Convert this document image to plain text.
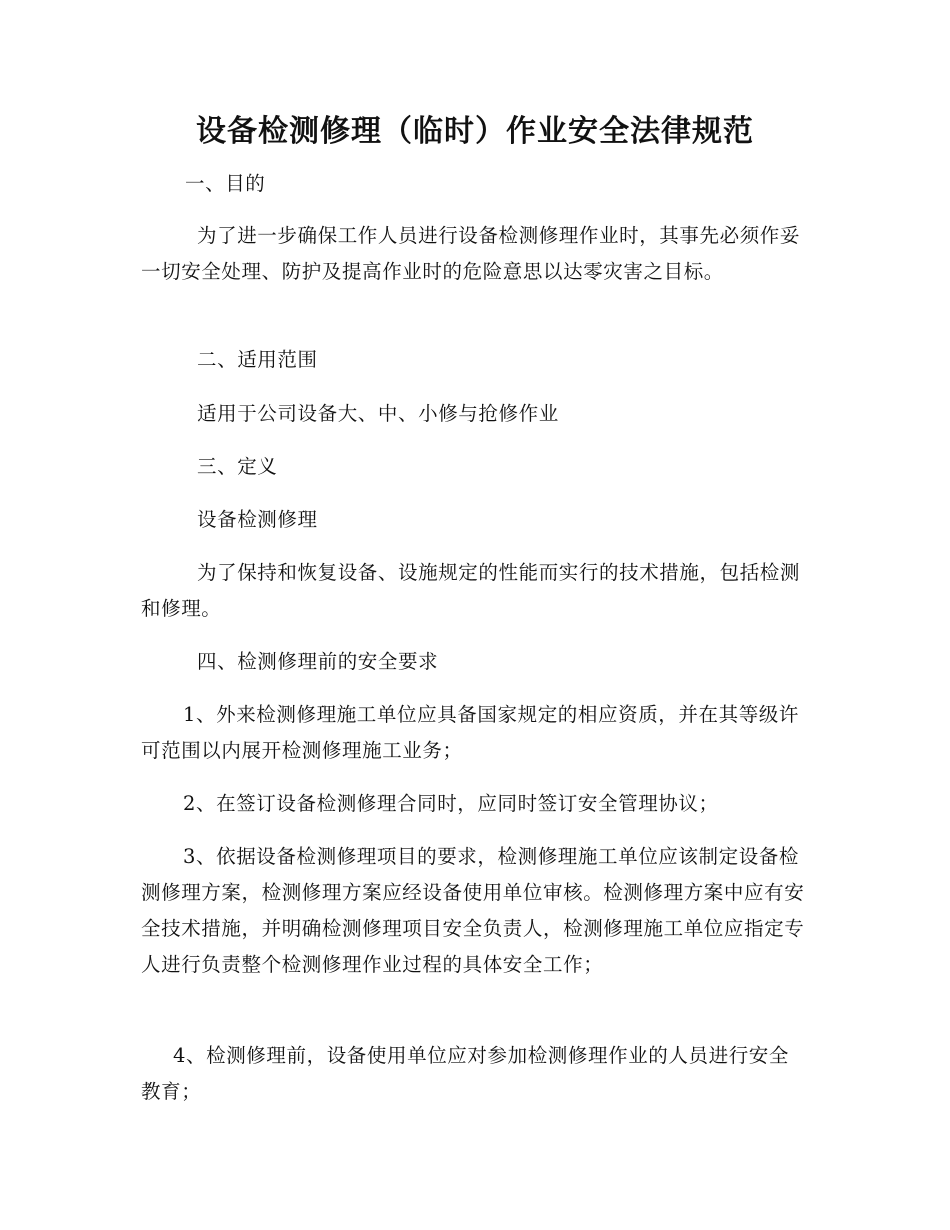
设备检测修理（临时）作业安全法律规范

一、目的

为了进一步确保工作人员进行设备检测修理作业时，其事先必须作妥一切安全处理、防护及提高作业时的危险意思以达零灾害之目标。

二、适用范围

适用于公司设备大、中、小修与抢修作业

三、定义

设备检测修理

为了保持和恢复设备、设施规定的性能而实行的技术措施，包括检测和修理。

四、检测修理前的安全要求

1、外来检测修理施工单位应具备国家规定的相应资质，并在其等级许可范围以内展开检测修理施工业务；

2、在签订设备检测修理合同时，应同时签订安全管理协议；

3、依据设备检测修理项目的要求，检测修理施工单位应该制定设备检测修理方案，检测修理方案应经设备使用单位审核。检测修理方案中应有安全技术措施，并明确检测修理项目安全负责人，检测修理施工单位应指定专人进行负责整个检测修理作业过程的具体安全工作；

4、检测修理前，设备使用单位应对参加检测修理作业的人员进行安全教育；
